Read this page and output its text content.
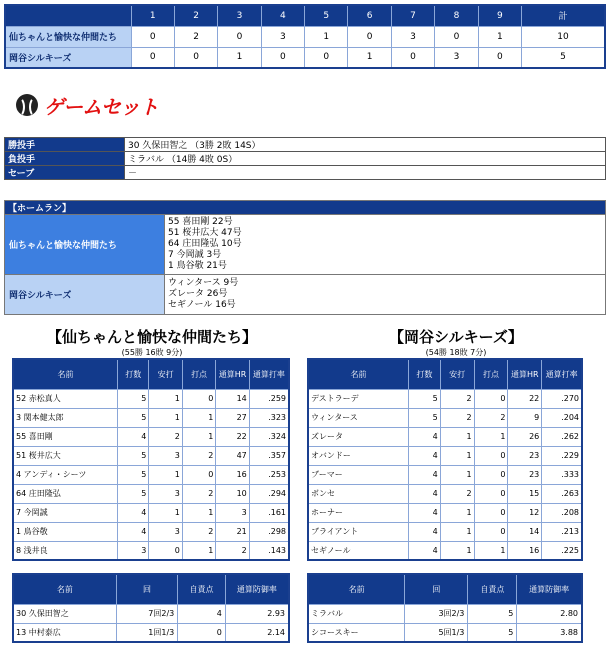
	1	2	3	4	5	6	7	8	9	計
仙ちゃんと愉快な仲間たち	0	2	0	3	1	0	3	0	1	10
岡谷シルキーズ	0	0	1	0	0	1	0	3	0	5
ゲームセット
勝投手	30 久保田智之 （3勝 2敗 14S）
負投手	ミラバル （14勝 4敗 0S）
セーブ	－
【ホームラン】	
仙ちゃんと愉快な仲間たち	55 喜田剛 22号
51 桜井広大 47号
64 庄田隆弘 10号
7 今岡誠 3号
1 鳥谷敬 21号

岡谷シルキーズ	ウィンタース 9号
ズレータ 26号
セギノール 16号
【仙ちゃんと愉快な仲間たち】
(55勝 16敗 9分)
【岡谷シルキーズ】
(54勝 18敗 7分)
名前	打数	安打	打点	通算HR	通算打率
52 赤松真人	5	1	0	14	.259
3 関本健太郎	5	1	1	27	.323
55 喜田剛	4	2	1	22	.324
51 桜井広大	5	3	2	47	.357
4 アンディ・シーツ	5	1	0	16	.253
64 庄田隆弘	5	3	2	10	.294
7 今岡誠	4	1	1	3	.161
1 鳥谷敬	4	3	2	21	.298
8 浅井良	3	0	1	2	.143
名前	打数	安打	打点	通算HR	通算打率
デストラーデ	5	2	0	22	.270
ウィンタース	5	2	2	9	.204
ズレータ	4	1	1	26	.262
オバンドー	4	1	0	23	.229
ブーマー	4	1	0	23	.333
ボンセ	4	2	0	15	.263
ホーナー	4	1	0	12	.208
ブライアント	4	1	0	14	.213
セギノール	4	1	1	16	.225
名前	回	自責点	通算防御率
30 久保田智之	7回2/3	4	2.93
13 中村泰広	1回1/3	0	2.14
名前	回	自責点	通算防御率
ミラバル	3回2/3	5	2.80
シコースキー	5回1/3	5	3.88
